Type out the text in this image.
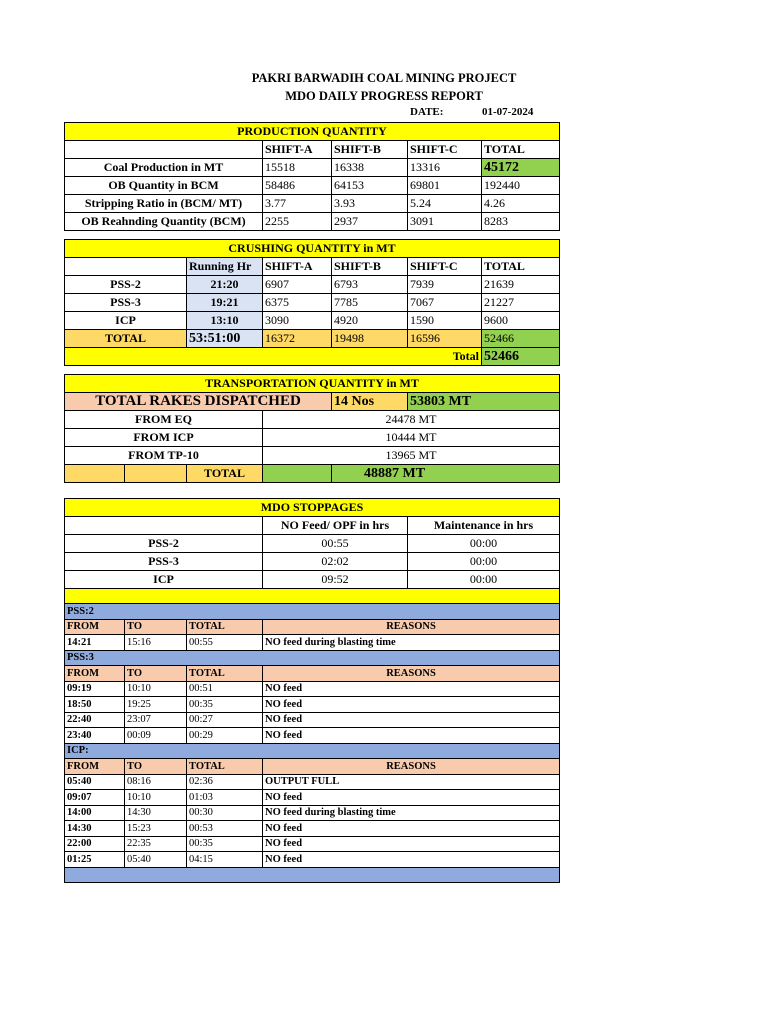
PAKRI BARWADIH COAL MINING PROJECT
MDO DAILY PROGRESS REPORT
DATE:	01-07-2024
PRODUCTION QUANTITY				
	SHIFT-A	SHIFT-B	SHIFT-C	TOTAL
Coal Production in MT	15518	16338	13316	45172
OB Quantity in BCM	58486	64153	69801	192440
Stripping Ratio in (BCM/ MT)	3.77	3.93	5.24	4.26
OB Reahnding Quantity (BCM)	2255	2937	3091	8283
CRUSHING QUANTITY in MT					
	Running Hr	SHIFT-A	SHIFT-B	SHIFT-C	TOTAL
PSS-2	21:20	6907	6793	7939	21639
PSS-3	19:21	6375	7785	7067	21227
ICP	13:10	3090	4920	1590	9600
TOTAL	53:51:00	16372	19498	16596	52466
Total					52466
TRANSPORTATION QUANTITY in MT					
TOTAL RAKES DISPATCHED				14 Nos	53803 MT
FROM EQ			24478 MT		
FROM ICP			10444 MT		
FROM TP-10			13965 MT		
		TOTAL		48887 MT	
MDO STOPPAGES		
	NO Feed/ OPF in hrs	Maintenance in hrs
PSS-2	00:55	00:00
PSS-3	02:02	00:00
ICP	09:52	00:00

PSS:2			
FROM	TO	TOTAL	REASONS
14:21	15:16	00:55	NO feed during blasting time
PSS:3			
FROM	TO	TOTAL	REASONS
09:19	10:10	00:51	NO feed
18:50	19:25	00:35	NO feed
22:40	23:07	00:27	NO feed
23:40	00:09	00:29	NO feed
ICP:			
FROM	TO	TOTAL	REASONS
05:40	08:16	02:36	OUTPUT FULL
09:07	10:10	01:03	NO feed
14:00	14:30	00:30	NO feed during blasting time
14:30	15:23	00:53	NO feed
22:00	22:35	00:35	NO feed
01:25	05:40	04:15	NO feed
